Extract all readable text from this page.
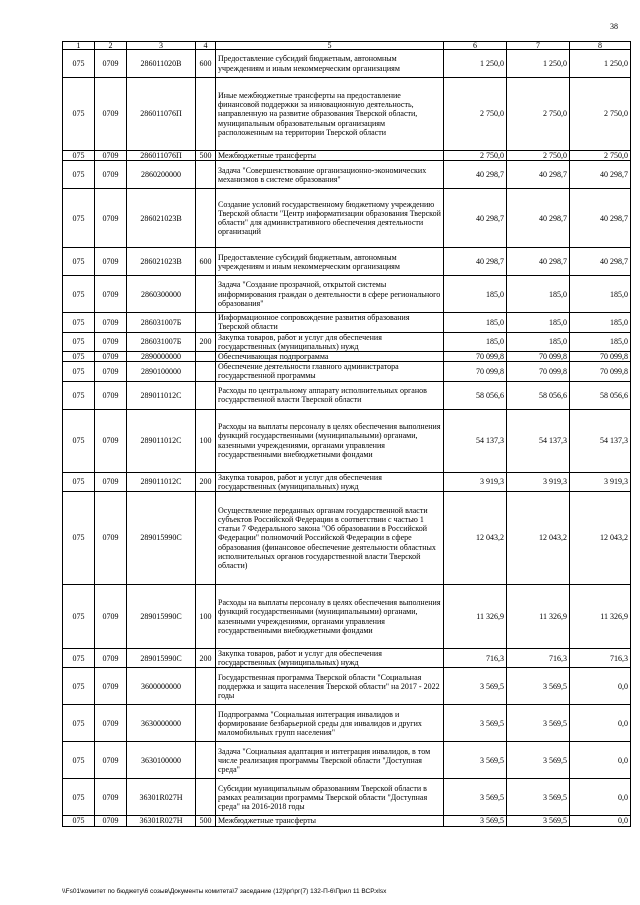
38
1	2	3	4	5	6	7	8
075	0709	286011020В	600	Предоставление субсидий бюджетным, автономным учреждениям и иным некоммерческим организациям	1 250,0	1 250,0	1 250,0
075	0709	286011076П		Иные межбюджетные трансферты на предоставление финансовой поддержки за инновационную деятельность, направленную на развитие образования Тверской области, муниципальным образовательным организациям расположенным на территории Тверской области	2 750,0	2 750,0	2 750,0
075	0709	286011076П	500	Межбюджетные трансферты	2 750,0	2 750,0	2 750,0
075	0709	2860200000		Задача "Совершенствование организационно-экономических механизмов в системе образования"	40 298,7	40 298,7	40 298,7
075	0709	286021023В		Создание условий государственному бюджетному учреждению Тверской области "Центр информатизации образования Тверской области" для административного обеспечения деятельности организаций	40 298,7	40 298,7	40 298,7
075	0709	286021023В	600	Предоставление субсидий бюджетным, автономным учреждениям и иным некоммерческим организациям	40 298,7	40 298,7	40 298,7
075	0709	2860300000		Задача "Создание прозрачной, открытой системы информирования граждан о деятельности в сфере регионального образования"	185,0	185,0	185,0
075	0709	286031007Б		Информационное сопровождение развития образования Тверской области	185,0	185,0	185,0
075	0709	286031007Б	200	Закупка товаров, работ и услуг для обеспечения государственных (муниципальных) нужд	185,0	185,0	185,0
075	0709	2890000000		Обеспечивающая подпрограмма	70 099,8	70 099,8	70 099,8
075	0709	2890100000		Обеспечение деятельности главного администратора государственной программы	70 099,8	70 099,8	70 099,8
075	0709	289011012С		Расходы по центральному аппарату исполнительных органов государственной власти Тверской области	58 056,6	58 056,6	58 056,6
075	0709	289011012С	100	Расходы на выплаты персоналу в целях обеспечения выполнения функций государственными (муниципальными) органами, казенными учреждениями, органами управления государственными внебюджетными фондами	54 137,3	54 137,3	54 137,3
075	0709	289011012С	200	Закупка товаров, работ и услуг для обеспечения государственных (муниципальных) нужд	3 919,3	3 919,3	3 919,3
075	0709	289015990С		Осуществление переданных органам государственной власти субъектов Российской Федерации в соответствии с частью 1 статьи 7 Федерального закона "Об образовании в Российской Федерации" полномочий Российской Федерации в сфере образования (финансовое обеспечение деятельности областных исполнительных органов государственной власти Тверской области)	12 043,2	12 043,2	12 043,2
075	0709	289015990С	100	Расходы на выплаты персоналу в целях обеспечения выполнения функций государственными (муниципальными) органами, казенными учреждениями, органами управления государственными внебюджетными фондами	11 326,9	11 326,9	11 326,9
075	0709	289015990С	200	Закупка товаров, работ и услуг для обеспечения государственных (муниципальных) нужд	716,3	716,3	716,3
075	0709	3600000000		Государственная программа Тверской области "Социальная поддержка и защита населения Тверской области" на 2017 - 2022 годы	3 569,5	3 569,5	0,0
075	0709	3630000000		Подпрограмма "Социальная интеграция инвалидов и формирование безбарьерной среды для инвалидов и других маломобильных групп населения"	3 569,5	3 569,5	0,0
075	0709	3630100000		Задача "Социальная адаптация и интеграция инвалидов, в том числе реализация программы Тверской области "Доступная среда"	3 569,5	3 569,5	0,0
075	0709	36301R027Н		Субсидии муниципальным образованиям Тверской области в рамках реализации программы Тверской области "Доступная среда" на 2016-2018 годы	3 569,5	3 569,5	0,0
075	0709	36301R027Н	500	Межбюджетные трансферты	3 569,5	3 569,5	0,0
\\Fs01\комитет по бюджету\6 созыв\Документы комитета\7 заседание (12)\рг\рг(7) 132-П-6\Прил 11 ВСР.xlsx
